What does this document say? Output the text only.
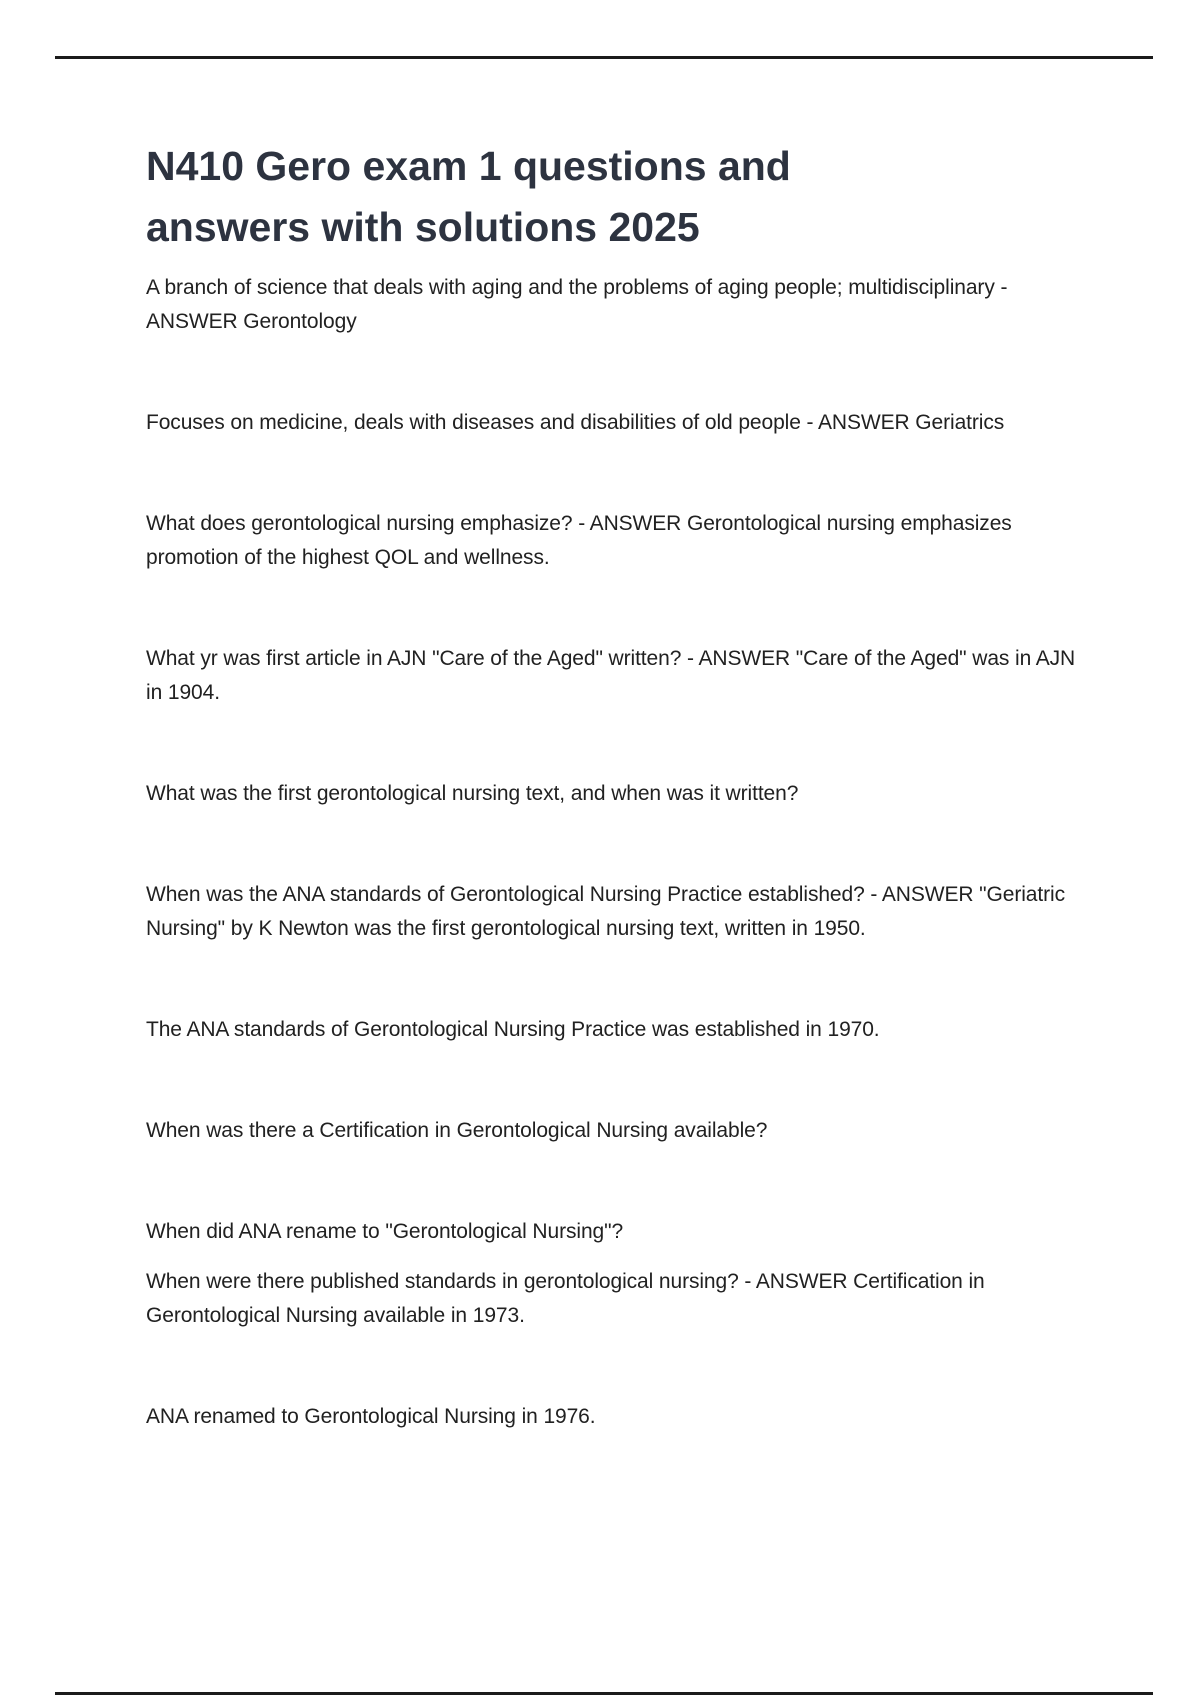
N410 Gero exam 1 questions and
answers with solutions 2025

A branch of science that deals with aging and the problems of aging people; multidisciplinary - ANSWER Gerontology

Focuses on medicine, deals with diseases and disabilities of old people - ANSWER Geriatrics

What does gerontological nursing emphasize? - ANSWER Gerontological nursing emphasizes promotion of the highest QOL and wellness.

What yr was first article in AJN "Care of the Aged" written? - ANSWER "Care of the Aged" was in AJN in 1904.

What was the first gerontological nursing text, and when was it written?

When was the ANA standards of Gerontological Nursing Practice established? - ANSWER "Geriatric Nursing" by K Newton was the first gerontological nursing text, written in 1950.

The ANA standards of Gerontological Nursing Practice was established in 1970.

When was there a Certification in Gerontological Nursing available?

When did ANA rename to "Gerontological Nursing"?

When were there published standards in gerontological nursing? - ANSWER Certification in Gerontological Nursing available in 1973.

ANA renamed to Gerontological Nursing in 1976.
